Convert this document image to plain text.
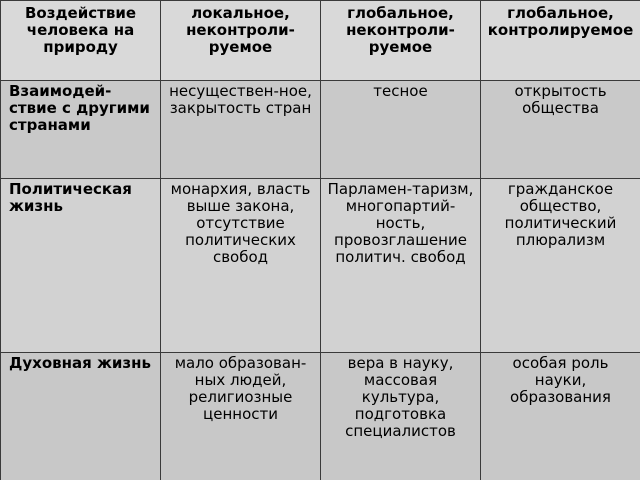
Воздействие человека на природу	локальное, неконтроли-руемое	глобальное, неконтроли-руемое	глобальное, контролируемое
Взаимодей-ствие с другими странами	несуществен-ное, закрытость стран	тесное	открытость общества
Политическая жизнь	монархия, власть выше закона, отсутствие политических свобод	Парламен-таризм, многопартий-ность, провозглашение политич. свобод	гражданское общество, политический плюрализм
Духовная жизнь	мало образован-ных людей, религиозные ценности	вера в науку, массовая культура, подготовка специалистов	особая роль науки, образования
